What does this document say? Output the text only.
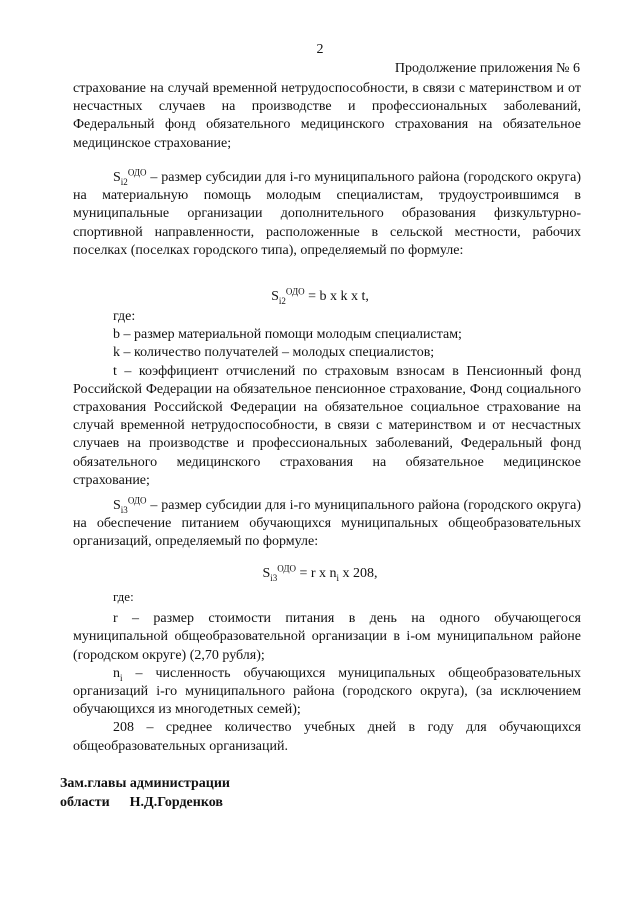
2
Продолжение приложения № 6

страхование на случай временной нетрудоспособности, в связи с материнством и от несчастных случаев на производстве и профессиональных заболеваний, Федеральный фонд обязательного медицинского страхования на обязательное медицинское страхование;

$S_{i2}^{ОДО}$ – размер субсидии для i-го муниципального района (городского округа) на материальную помощь молодым специалистам, трудоустроившимся в муниципальные организации дополнительного образования физкультурно-спортивной направленности, расположенные в сельской местности, рабочих поселках (поселках городского типа), определяемый по формуле:

$S_{i2}^{ОДО} = b$ x k x t,

где:

b – размер материальной помощи молодым специалистам;

k – количество получателей – молодых специалистов;

t – коэффициент отчислений по страховым взносам в Пенсионный фонд Российской Федерации на обязательное пенсионное страхование, Фонд социального страхования Российской Федерации на обязательное социальное страхование на случай временной нетрудоспособности, в связи с материнством и от несчастных случаев на производстве и профессиональных заболеваний, Федеральный фонд обязательного медицинского страхования на обязательное медицинское страхование;

$S_{i3}^{ОДО}$ – размер субсидии для i-го муниципального района (городского округа) на обеспечение питанием обучающихся муниципальных общеобразовательных организаций, определяемый по формуле:

$S_{i3}^{ОДО} = r$ x $n_i$ x 208,

где:

r – размер стоимости питания в день на одного обучающегося муниципальной общеобразовательной организации в i-ом муниципальном районе (городском округе) (2,70 рубля);

$n_i$ – численность обучающихся муниципальных общеобразовательных организаций i-го муниципального района (городского округа), (за исключением обучающихся из многодетных семей);

208 – среднее количество учебных дней в году для обучающихся общеобразовательных организаций.

Зам.главы администрации
области Н.Д.Горденков
